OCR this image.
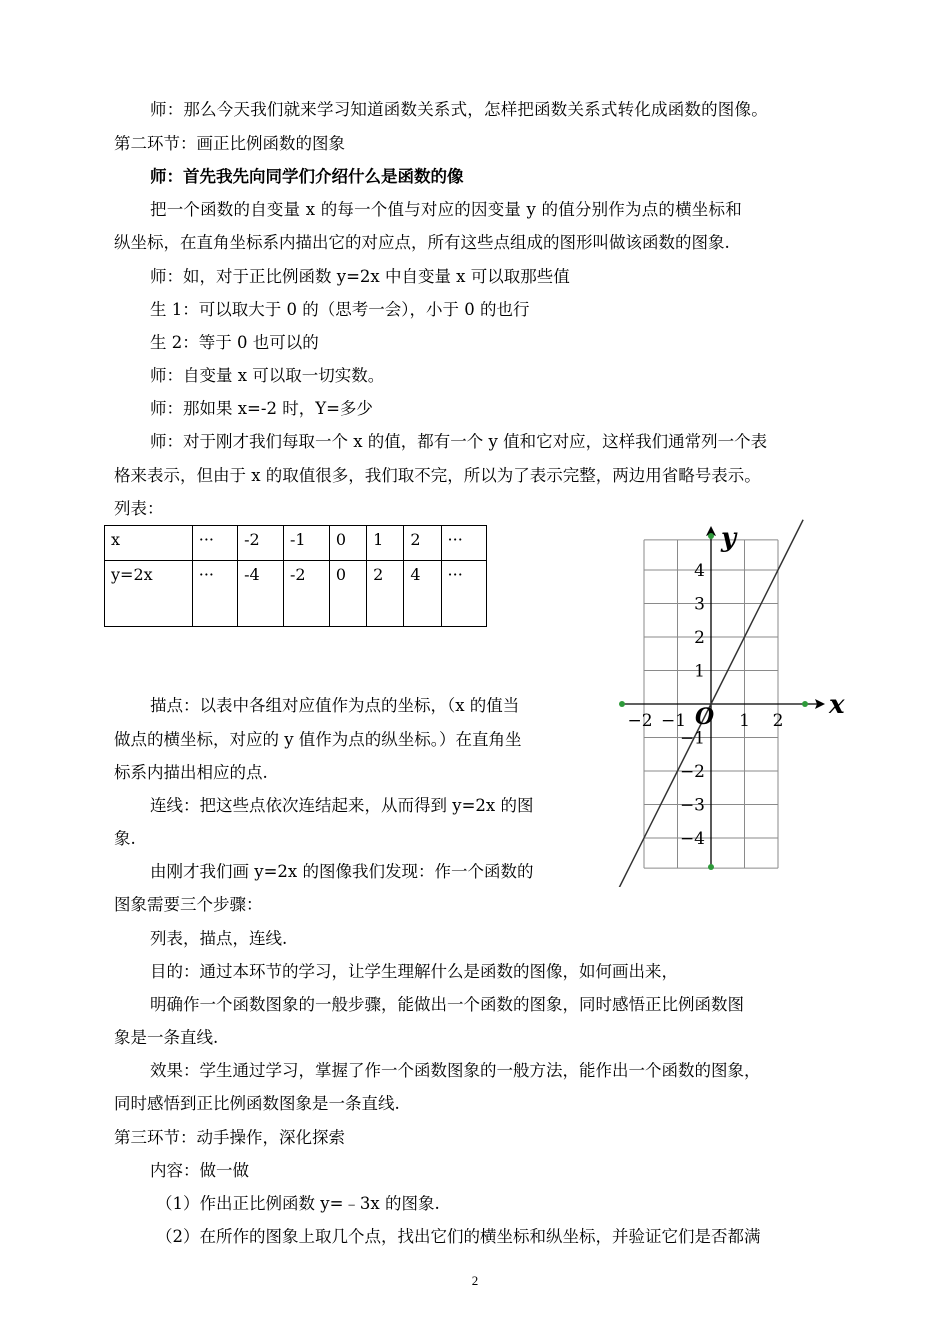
师：那么今天我们就来学习知道函数关系式，怎样把函数关系式转化成函数的图像。
第二环节：画正比例函数的图象
师：首先我先向同学们介绍什么是函数的像
把一个函数的自变量 x 的每一个值与对应的因变量 y 的值分别作为点的横坐标和
纵坐标，在直角坐标系内描出它的对应点，所有这些点组成的图形叫做该函数的图象.
师：如，对于正比例函数 y=2x 中自变量 x 可以取那些值
生 1：可以取大于 0 的（思考一会），小于 0 的也行
生 2：等于 0 也可以的
师：自变量 x 可以取一切实数。
师：那如果 x=-2 时，Y=多少
师：对于刚才我们每取一个 x 的值，都有一个 y 值和它对应，这样我们通常列一个表
格来表示，但由于 x 的取值很多，我们取不完，所以为了表示完整，两边用省略号表示。
列表：
x	···	-2	-1	0	1	2	···
y=2x	···	-4	-2	0	2	4	···
−2 −1	1 2
4
3
2
1
−1
−2
−3
−4
O	x
y
描点：以表中各组对应值作为点的坐标，（x 的值当
做点的横坐标，对应的 y 值作为点的纵坐标。）在直角坐
标系内描出相应的点.
连线：把这些点依次连结起来，从而得到 y=2x 的图
象.
由刚才我们画 y=2x 的图像我们发现：作一个函数的
图象需要三个步骤：
列表，描点，连线.
目的：通过本环节的学习，让学生理解什么是函数的图像，如何画出来，
明确作一个函数图象的一般步骤，能做出一个函数的图象，同时感悟正比例函数图
象是一条直线.
效果：学生通过学习，掌握了作一个函数图象的一般方法，能作出一个函数的图象，
同时感悟到正比例函数图象是一条直线.
第三环节：动手操作，深化探索
内容：做一做
（1）作出正比例函数 y=﹣3x 的图象.
（2）在所作的图象上取几个点，找出它们的横坐标和纵坐标，并验证它们是否都满
2
